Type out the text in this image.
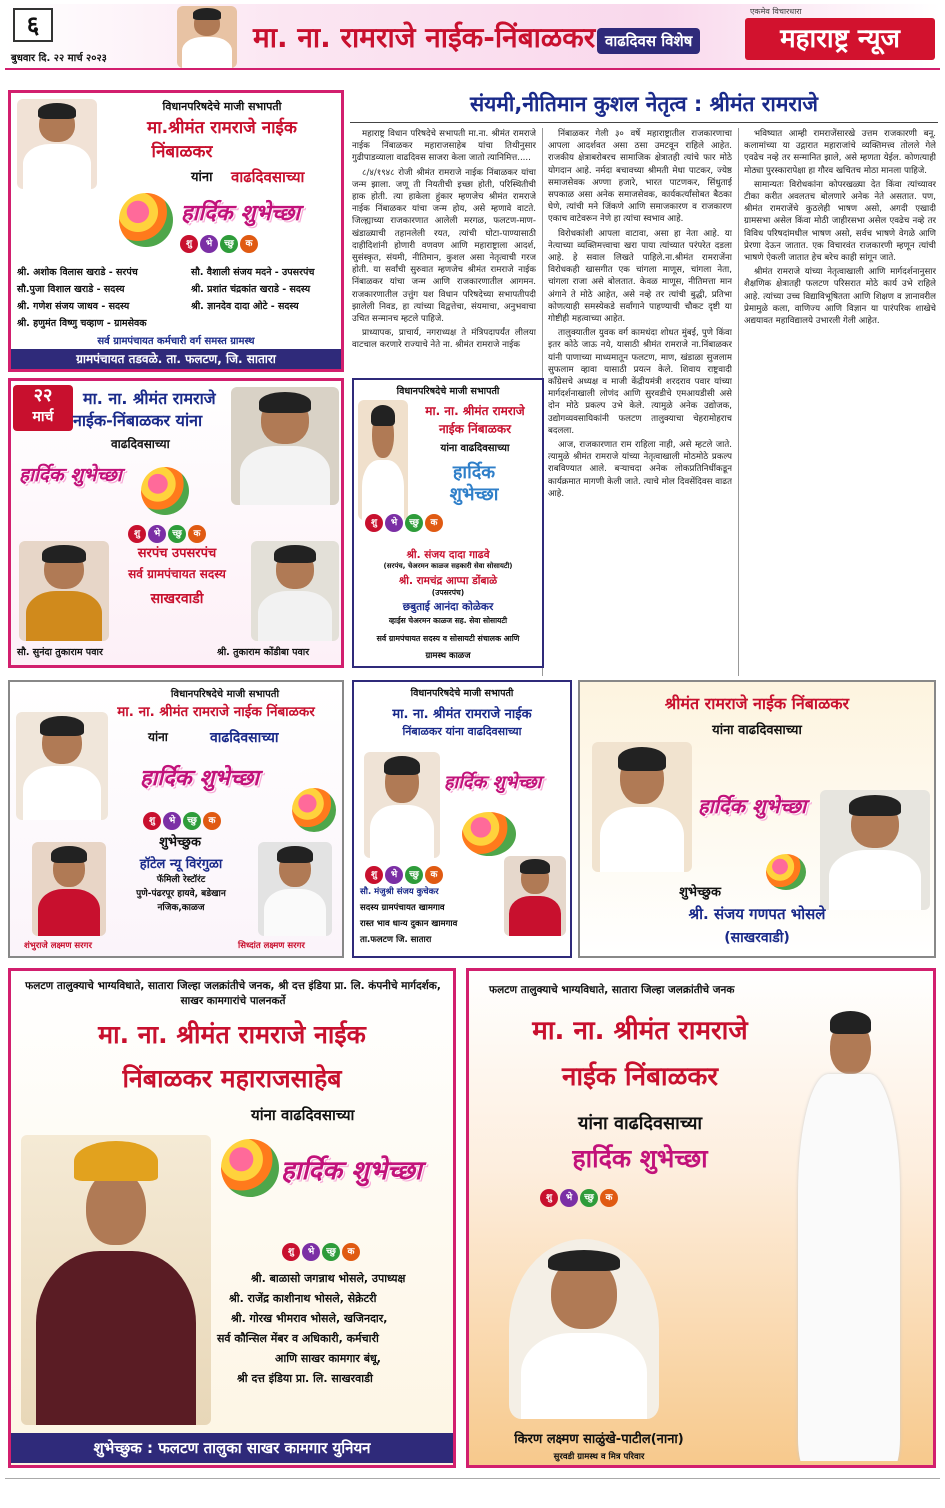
६
बुधवार दि. २२ मार्च २०२३
मा. ना. रामराजे नाईक-निंबाळकर वाढदिवस विशेष
एकमेव विचारधारा
महाराष्ट्र न्यूज
विधानपरिषदेचे माजी सभापती
मा.श्रीमंत रामराजे नाईक
निंबाळकर
यांना वाढदिवसाच्या
हार्दिक शुभेच्छा
शु भे च्छु क
श्री. अशोक विलास खराडे - सरपंच	सौ. वैशाली संजय मदने - उपसरपंच
सौ.पुजा विशाल खराडे - सदस्य	श्री. प्रशांत चंद्रकांत खराडे - सदस्य
श्री. गणेश संजय जाधव - सदस्य	श्री. ज्ञानदेव दादा ओटे - सदस्य
श्री. हणुमंत विष्णु चव्हाण - ग्रामसेवक
सर्व ग्रामपंचायत कर्मचारी वर्ग समस्त ग्रामस्थ
ग्रामपंचायत तडवळे. ता. फलटण, जि. सातारा
संयमी,नीतिमान कुशल नेतृत्व : श्रीमंत रामराजे

महाराष्ट्र विधान परिषदेचे सभापती मा.ना. श्रीमंत रामराजे नाईक निंबाळकर महाराजसाहेब यांचा तिथीनुसार गुढीपाडव्याला वाढदिवस साजरा केला जातो त्यानिमित्त.....

८/४/१९४८ रोजी श्रीमंत रामराजे नाईक निंबाळकर यांचा जन्म झाला. जणू ती नियतीची इच्छा होती, परिस्थितीची हाक होती. त्या हाकेला हुंकार म्हणजेच श्रीमंत रामराजे नाईक निंबाळकर यांचा जन्म होय, असे म्हणावे वाटते. जिल्ह्याच्या राजकारणात आलेली मरगळ, फलटण-माण-खंडाळ्याची तहानलेली रयत, त्यांची घोटा-पाण्यासाठी दाहीदिशांनी होणारी वणवण आणि महाराष्ट्राला आदर्श, सुसंस्कृत, संयमी, नीतिमान, कुशल असा नेतृत्वाची गरज होती. या सर्वांची सुरुवात म्हणजेच श्रीमंत रामराजे नाईक निंबाळकर यांचा जन्म आणि राजकारणातील आगमन. राजकारणातील उत्तुंग यश विधान परिषदेच्या सभापतीपदी झालेली निवड, हा त्यांच्या विद्वत्तेचा, संयमाचा, अनुभवाचा उचित सन्मानच म्हटले पाहिजे.

प्राध्यापक, प्राचार्य, नगराध्यक्ष ते मंत्रिपदापर्यंत लीलया वाटचाल करणारे राज्याचे नेते ना. श्रीमंत रामराजे नाईक

निंबाळकर गेली ३० वर्षे महाराष्ट्रातील राजकारणाचा आपला आदर्शवत असा ठसा उमटवून राहिले आहेत. राजकीय क्षेत्राबरोबरच सामाजिक क्षेत्रातही त्यांचे फार मोठे योगदान आहे. नर्मदा बचावच्या श्रीमती मेधा पाटकर, ज्येष्ठ समाजसेवक अण्णा हजारे, भारत पाटणकर, सिंधुताई सपकाळ असा अनेक समाजसेवक, कार्यकर्त्यांसोबत बैठका घेणे, त्यांची मने जिंकणे आणि समाजकारण व राजकारण एकाच वाटेवरून नेणे हा त्यांचा स्वभाव आहे.

विरोधकांशी आपला वाटावा, असा हा नेता आहे. या नेत्याच्या व्यक्तिमत्त्वाचा खरा पाया त्यांच्यात परंपरेत दडला आहे. हे सवाल लिखते पाहिले.ना.श्रीमंत रामराजेंना विरोधकही खासगीत एक चांगला माणूस, चांगला नेता, चांगला राजा असे बोलतात. केवळ माणूस, नीतिमत्ता मान अंगाने ते मोठे आहेत, असे नव्हे तर त्यांची बुद्धी, प्रतिभा कोणत्याही समस्येकडे सर्वांगाने पाहण्याची चौकट दृष्टी या गोष्टीही महत्वाच्या आहेत.

तालुक्यातील युवक वर्ग कामधंदा शोधत मुंबई, पुणे किंवा इतर कोठे जाऊ नये, यासाठी श्रीमंत रामराजे ना.निंबाळकर यांनी पाणाच्या माध्यमातून फलटण, माण, खंडाळा सुजलाम सुफलाम व्हावा यासाठी प्रयत्न केले. शिवाय राष्ट्रवादी काँग्रेसचे अध्यक्ष व माजी केंद्रीयमंत्री शरदराव पवार यांच्या मार्गदर्शनाखाली लोणंद आणि सुरवडीचे एमआयडीसी असे दोन मोठे प्रकल्प उभे केले. त्यामुळे अनेक उद्योजक, उद्योगव्यवसायिकांनी फलटण तालुक्याचा चेहरामोहराच बदलला.

आज, राजकारणात राम राहिला नाही, असे म्हटले जाते. त्यामुळे श्रीमंत रामराजे यांच्या नेतृत्वाखाली मोठमोठे प्रकल्प राबविण्यात आले. बऱ्याचदा अनेक लोकप्रतिनिधींकडून कार्यक्रमात मागणी केली जाते. त्याचे मोल दिवसेंदिवस वाढत आहे.

भविष्यात आम्ही रामराजेंसारखे उत्तम राजकारणी बनू. कलामांच्या या उद्गारात महाराजांचे व्यक्तिमत्त्व तोलले गेले एवढेच नव्हे तर सन्मानित झाले, असे म्हणता येईल. कोणत्याही मोठ्या पुरस्कारापेक्षा हा गौरव खचितच मोठा मानला पाहिजे.

सामान्यतः विरोधकांना कोपरखळ्या देत किंवा त्यांच्यावर टीका करीत अवलतच बोलणारे अनेक नेते असतात. पण, श्रीमंत रामराजेंचे कुठलेही भाषण असो, अगदी एखादी ग्रामसभा असेल किंवा मोठी जाहीरसभा असेल एवढेच नव्हे तर विविध परिषदांमधील भाषण असो, सर्वच भाषणे वेगळे आणि प्रेरणा देऊन जातात. एक विचारवंत राजकारणी म्हणून त्यांची भाषणे ऐकली जातात हेच बरेच काही सांगून जाते.

श्रीमंत रामराजे यांच्या नेतृत्वाखाली आणि मार्गदर्शनानुसार शैक्षणिक क्षेत्रातही फलटण परिसरात मोठे कार्य उभे राहिले आहे. त्यांच्या उच्च विद्याविभूषितता आणि शिक्षण व ज्ञानावरील प्रेमामुळे कला, वाणिज्य आणि विज्ञान या पारंपरिक शाखेचे अद्ययावत महाविद्यालये उभारली गेली आहेत.

२२
मार्च
मा. ना. श्रीमंत रामराजे
नाईक-निंबाळकर यांना
वाढदिवसाच्या
हार्दिक शुभेच्छा
शु भे च्छु क
सरपंच उपसरपंच
सर्व ग्रामपंचायत सदस्य
साखरवाडी
सौ. सुनंदा तुकाराम पवार	श्री. तुकाराम कोंडीबा पवार
विधानपरिषदेचे माजी सभापती
मा. ना. श्रीमंत रामराजे
नाईक निंबाळकर
यांना वाढदिवसाच्या
हार्दिक
शुभेच्छा
शु भे च्छु क
श्री. संजय दादा गाढवे
(सरपंच, चेअरमन काळज सहकारी सेवा सोसायटी)
श्री. रामचंद्र आप्पा डोंबाळे
(उपसरपंच)
छबुताई आनंदा कोळेकर
व्हाईस चेअरमन काळज सह. सेवा सोसायटी
सर्व ग्रामपंचायत सदस्य व सोसायटी संचालक आणि
ग्रामस्थ काळज
विधानपरिषदेचे माजी सभापती
मा. ना. श्रीमंत रामराजे नाईक निंबाळकर
यांना	वाढदिवसाच्या
हार्दिक शुभेच्छा
शु भे च्छु क
शुभेच्छुक
हॉटेल न्यू विरंगुळा
फॅमिली रेस्टॉरंट
पुणे-पंढरपूर हायवे, बडेखान
नजिक,काळज
शंभुराजे लक्ष्मण सरगर	सिध्दांत लक्ष्मण सरगर
विधानपरिषदेचे माजी सभापती
मा. ना. श्रीमंत रामराजे नाईक
निंबाळकर यांना वाढदिवसाच्या
हार्दिक शुभेच्छा
शु भे च्छु क
सौ. मंजुश्री संजय कुचेकर
सदस्य ग्रामपंचायत खामगाव
रास्त भाव धान्य दुकान खामगाव
ता.फलटण जि. सातारा
श्रीमंत रामराजे नाईक निंबाळकर
यांना वाढदिवसाच्या
हार्दिक शुभेच्छा
शुभेच्छुक
श्री. संजय गणपत भोसले
(साखरवाडी)
फलटण तालुक्याचे भाग्यविधाते, सातारा जिल्हा जलक्रांतीचे जनक, श्री दत्त इंडिया प्रा. लि. कंपनीचे मार्गदर्शक, साखर कामगारांचे पालनकर्ते
मा. ना. श्रीमंत रामराजे नाईक
निंबाळकर महाराजसाहेब
यांना वाढदिवसाच्या
हार्दिक शुभेच्छा
शु भे च्छु क
श्री. बाळासो जगन्नाथ भोसले, उपाध्यक्ष
श्री. राजेंद्र काशीनाथ भोसले, सेक्रेटरी
श्री. गोरख भीमराव भोसले, खजिनदार,
सर्व कौन्सिल मेंबर व अधिकारी, कर्मचारी
आणि साखर कामगार बंधू,
श्री दत्त इंडिया प्रा. लि. साखरवाडी
शुभेच्छुक : फलटण तालुका साखर कामगार युनियन
फलटण तालुक्याचे भाग्यविधाते, सातारा जिल्हा जलक्रांतीचे जनक
मा. ना. श्रीमंत रामराजे
नाईक निंबाळकर
यांना वाढदिवसाच्या
हार्दिक शुभेच्छा
शु भे च्छु क
किरण लक्ष्मण साळुंखे-पाटील(नाना)
सुरवडी ग्रामस्थ व मित्र परिवार
